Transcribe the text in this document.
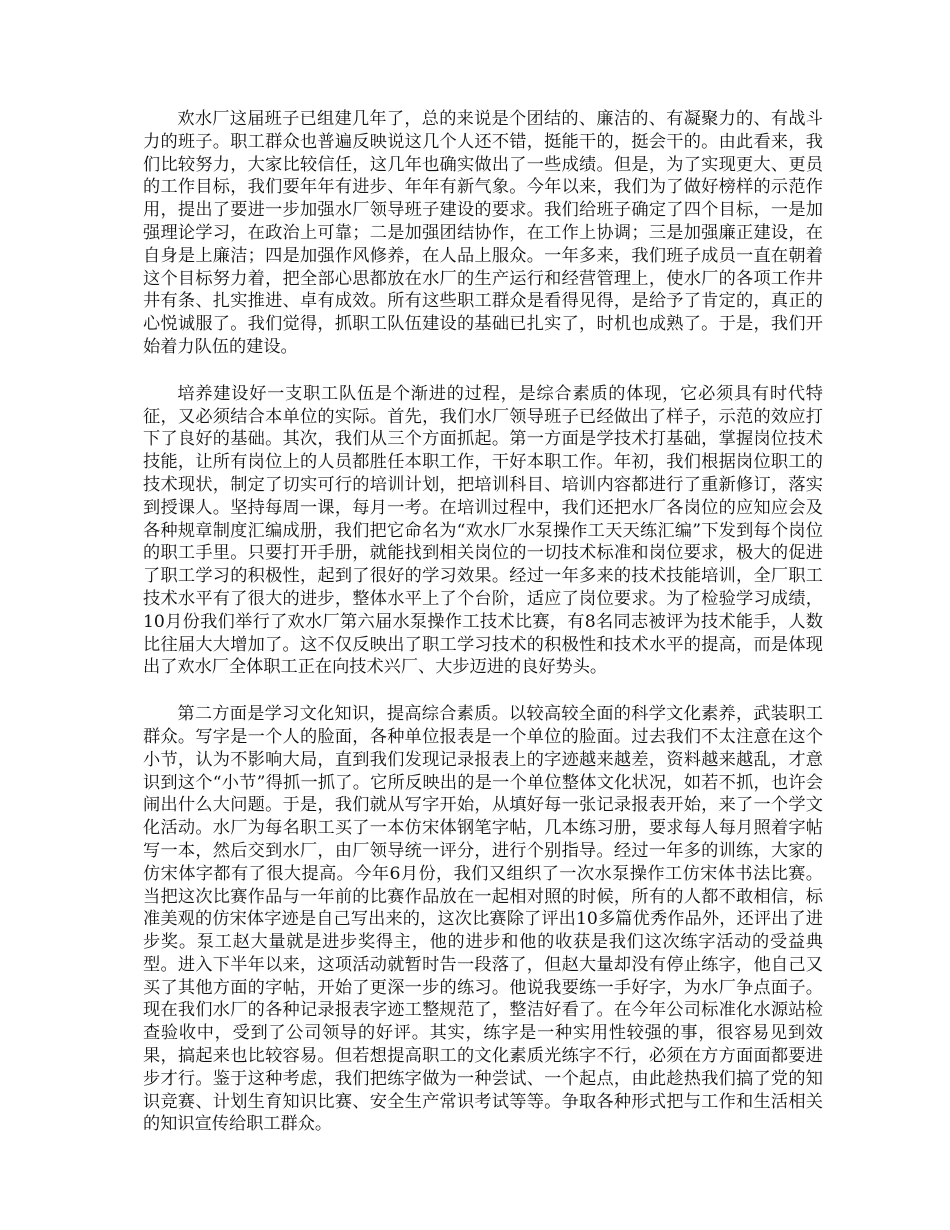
欢水厂这届班子已组建几年了，总的来说是个团结的、廉洁的、有凝聚力的、有战斗力的班子。职工群众也普遍反映说这几个人还不错，挺能干的，挺会干的。由此看来，我们比较努力，大家比较信任，这几年也确实做出了一些成绩。但是，为了实现更大、更员的工作目标，我们要年年有进步、年年有新气象。今年以来，我们为了做好榜样的示范作用，提出了要进一步加强水厂领导班子建设的要求。我们给班子确定了四个目标，一是加强理论学习，在政治上可靠；二是加强团结协作，在工作上协调；三是加强廉正建设，在自身是上廉洁；四是加强作风修养，在人品上服众。一年多来，我们班子成员一直在朝着这个目标努力着，把全部心思都放在水厂的生产运行和经营管理上，使水厂的各项工作井井有条、扎实推进、卓有成效。所有这些职工群众是看得见得，是给予了肯定的，真正的心悦诚服了。我们觉得，抓职工队伍建设的基础已扎实了，时机也成熟了。于是，我们开始着力队伍的建设。

培养建设好一支职工队伍是个渐进的过程，是综合素质的体现，它必须具有时代特征，又必须结合本单位的实际。首先，我们水厂领导班子已经做出了样子，示范的效应打下了良好的基础。其次，我们从三个方面抓起。第一方面是学技术打基础，掌握岗位技术技能，让所有岗位上的人员都胜任本职工作，干好本职工作。年初，我们根据岗位职工的技术现状，制定了切实可行的培训计划，把培训科目、培训内容都进行了重新修订，落实到授课人。坚持每周一课，每月一考。在培训过程中，我们还把水厂各岗位的应知应会及各种规章制度汇编成册，我们把它命名为“欢水厂水泵操作工天天练汇编”下发到每个岗位的职工手里。只要打开手册，就能找到相关岗位的一切技术标准和岗位要求，极大的促进了职工学习的积极性，起到了很好的学习效果。经过一年多来的技术技能培训，全厂职工技术水平有了很大的进步，整体水平上了个台阶，适应了岗位要求。为了检验学习成绩，10月份我们举行了欢水厂第六届水泵操作工技术比赛，有8名同志被评为技术能手，人数比往届大大增加了。这不仅反映出了职工学习技术的积极性和技术水平的提高，而是体现出了欢水厂全体职工正在向技术兴厂、大步迈进的良好势头。

第二方面是学习文化知识，提高综合素质。以较高较全面的科学文化素养，武装职工群众。写字是一个人的脸面，各种单位报表是一个单位的脸面。过去我们不太注意在这个小节，认为不影响大局，直到我们发现记录报表上的字迹越来越差，资料越来越乱，才意识到这个“小节”得抓一抓了。它所反映出的是一个单位整体文化状况，如若不抓，也许会闹出什么大问题。于是，我们就从写字开始，从填好每一张记录报表开始，来了一个学文化活动。水厂为每名职工买了一本仿宋体钢笔字帖，几本练习册，要求每人每月照着字帖写一本，然后交到水厂，由厂领导统一评分，进行个别指导。经过一年多的训练，大家的仿宋体字都有了很大提高。今年6月份，我们又组织了一次水泵操作工仿宋体书法比赛。当把这次比赛作品与一年前的比赛作品放在一起相对照的时候，所有的人都不敢相信，标准美观的仿宋体字迹是自己写出来的，这次比赛除了评出10多篇优秀作品外，还评出了进步奖。泵工赵大量就是进步奖得主，他的进步和他的收获是我们这次练字活动的受益典型。进入下半年以来，这项活动就暂时告一段落了，但赵大量却没有停止练字，他自己又买了其他方面的字帖，开始了更深一步的练习。他说我要练一手好字，为水厂争点面子。现在我们水厂的各种记录报表字迹工整规范了，整洁好看了。在今年公司标准化水源站检查验收中，受到了公司领导的好评。其实，练字是一种实用性较强的事，很容易见到效果，搞起来也比较容易。但若想提高职工的文化素质光练字不行，必须在方方面面都要进步才行。鉴于这种考虑，我们把练字做为一种尝试、一个起点，由此趁热我们搞了党的知识竞赛、计划生育知识比赛、安全生产常识考试等等。争取各种形式把与工作和生活相关的知识宣传给职工群众。
